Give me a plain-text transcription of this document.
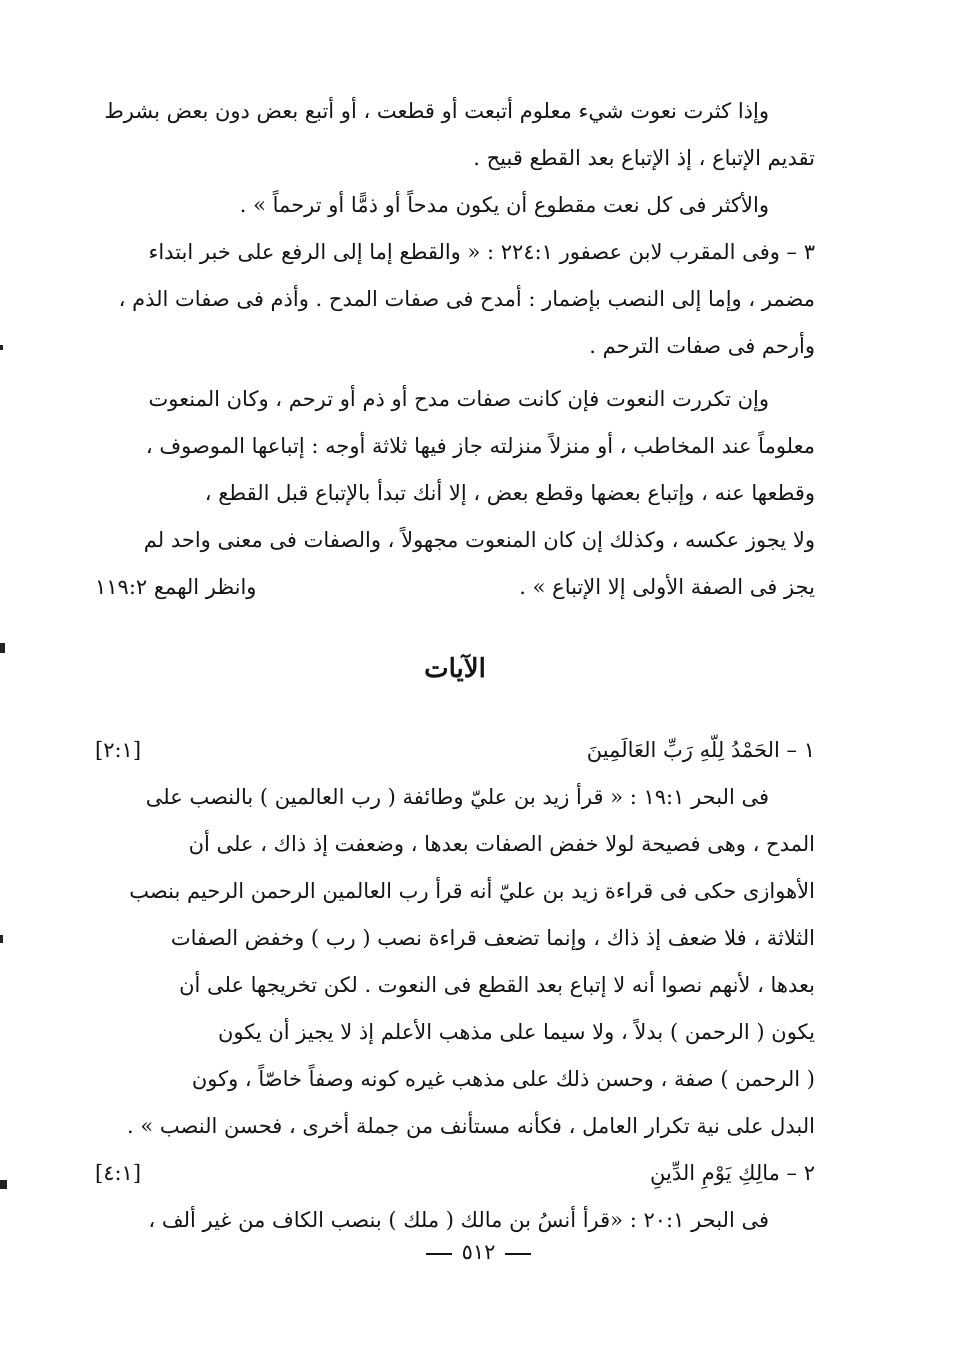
وإذا كثرت نعوت شيء معلوم أتبعت أو قطعت ، أو أتبع بعض دون بعض بشرط
تقديم الإتباع ، إذ الإتباع بعد القطع قبيح .
والأكثر فى كل نعت مقطوع أن يكون مدحاً أو ذمًّا أو ترحماً » .
٣ – وفى المقرب لابن عصفور ٢٢٤:١ : « والقطع إما إلى الرفع على خبر ابتداء
مضمر ، وإما إلى النصب بإضمار : أمدح فى صفات المدح . وأذم فى صفات الذم ،
وأرحم فى صفات الترحم .
وإن تكررت النعوت فإن كانت صفات مدح أو ذم أو ترحم ، وكان المنعوت
معلوماً عند المخاطب ، أو منزلاً منزلته جاز فيها ثلاثة أوجه : إتباعها الموصوف ،
وقطعها عنه ، وإتباع بعضها وقطع بعض ، إلا أنك تبدأ بالإتباع قبل القطع ،
ولا يجوز عكسه ، وكذلك إن كان المنعوت مجهولاً ، والصفات فى معنى واحد لم
يجز فى الصفة الأولى إلا الإتباع » .
وانظر الهمع ١١٩:٢
الآيات
١ – الحَمْدُ لِلّهِ رَبِّ العَالَمِينَ
[٢:١]
فى البحر ١٩:١ : « قرأ زيد بن عليّ وطائفة ( رب العالمين ) بالنصب على
المدح ، وهى فصيحة لولا خفض الصفات بعدها ، وضعفت إذ ذاك ، على أن
الأهوازى حكى فى قراءة زيد بن عليّ أنه قرأ رب العالمين الرحمن الرحيم بنصب
الثلاثة ، فلا ضعف إذ ذاك ، وإنما تضعف قراءة نصب ( رب ) وخفض الصفات
بعدها ، لأنهم نصوا أنه لا إتباع بعد القطع فى النعوت . لكن تخريجها على أن
يكون ( الرحمن ) بدلاً ، ولا سيما على مذهب الأعلم إذ لا يجيز أن يكون
( الرحمن ) صفة ، وحسن ذلك على مذهب غيره كونه وصفاً خاصّاً ، وكون
البدل على نية تكرار العامل ، فكأنه مستأنف من جملة أخرى ، فحسن النصب » .
٢ – مالِكِ يَوْمِ الدِّينِ
[٤:١]
فى البحر ٢٠:١ : «قرأ أنسُ بن مالك ( ملك ) بنصب الكاف من غير ألف ،
٥١٢
